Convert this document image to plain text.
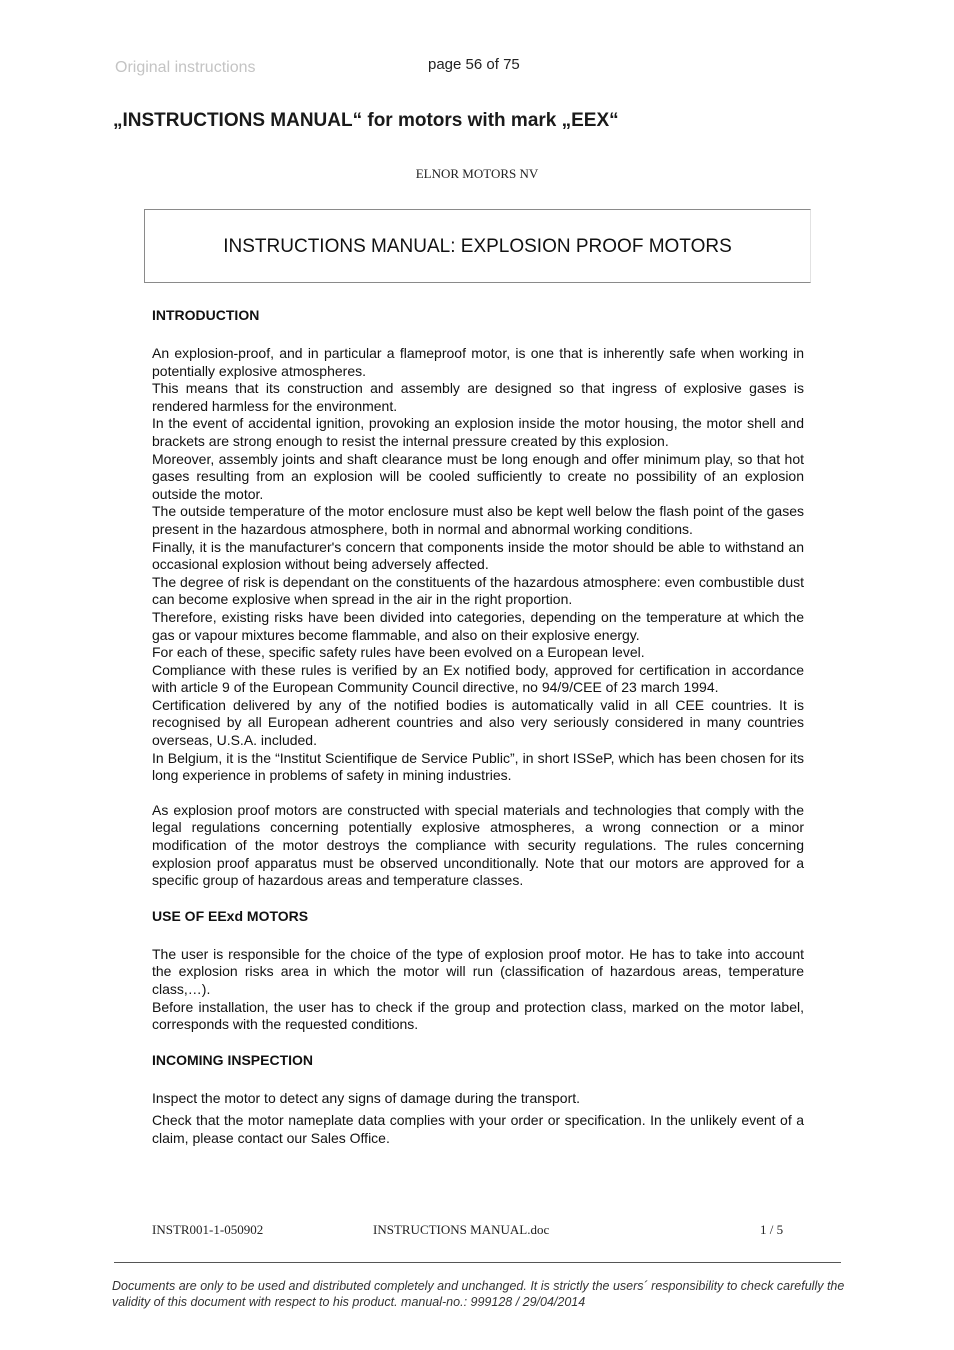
Original instructions	page 56 of 75
„INSTRUCTIONS MANUAL“ for motors with mark „EEX“
ELNOR MOTORS NV
INSTRUCTIONS MANUAL: EXPLOSION PROOF MOTORS
INTRODUCTION

An explosion-proof, and in particular a flameproof motor, is one that is inherently safe when working in potentially explosive atmospheres.

This means that its construction and assembly are designed so that ingress of explosive gases is rendered harmless for the environment.

In the event of accidental ignition, provoking an explosion inside the motor housing, the motor shell and brackets are strong enough to resist the internal pressure created by this explosion.

Moreover, assembly joints and shaft clearance must be long enough and offer minimum play, so that hot gases resulting from an explosion will be cooled sufficiently to create no possibility of an explosion outside the motor.

The outside temperature of the motor enclosure must also be kept well below the flash point of the gases present in the hazardous atmosphere, both in normal and abnormal working conditions.

Finally, it is the manufacturer's concern that components inside the motor should be able to withstand an occasional explosion without being adversely affected.

The degree of risk is dependant on the constituents of the hazardous atmosphere: even combustible dust can become explosive when spread in the air in the right proportion.

Therefore, existing risks have been divided into categories, depending on the temperature at which the gas or vapour mixtures become flammable, and also on their explosive energy.

For each of these, specific safety rules have been evolved on a European level.

Compliance with these rules is verified by an Ex notified body, approved for certification in accordance with article 9 of the European Community Council directive, no 94/9/CEE of 23 march 1994.

Certification delivered by any of the notified bodies is automatically valid in all CEE countries. It is recognised by all European adherent countries and also very seriously considered in many countries overseas, U.S.A. included.

In Belgium, it is the “Institut Scientifique de Service Public”, in short ISSeP, which has been chosen for its long experience in problems of safety in mining industries.

As explosion proof motors are constructed with special materials and technologies that comply with the legal regulations concerning potentially explosive atmospheres, a wrong connection or a minor modification of the motor destroys the compliance with security regulations. The rules concerning explosion proof apparatus must be observed unconditionally. Note that our motors are approved for a specific group of hazardous areas and temperature classes.

USE OF EExd MOTORS

The user is responsible for the choice of the type of explosion proof motor. He has to take into account the explosion risks area in which the motor will run (classification of hazardous areas, temperature class,…).

Before installation, the user has to check if the group and protection class, marked on the motor label, corresponds with the requested conditions.

INCOMING INSPECTION

Inspect the motor to detect any signs of damage during the transport.

Check that the motor nameplate data complies with your order or specification. In the unlikely event of a claim, please contact our Sales Office.

INSTR001-1-050902	INSTRUCTIONS MANUAL.doc	1 / 5
Documents are only to be used and distributed completely and unchanged. It is strictly the users´ responsibility to check carefully the validity of this document with respect to his product. manual-no.: 999128 / 29/04/2014
